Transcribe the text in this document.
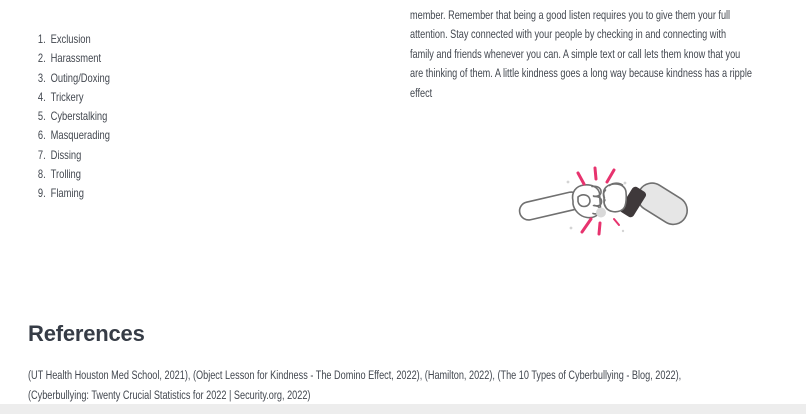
1. Exclusion
2. Harassment
3. Outing/Doxing
4. Trickery
5. Cyberstalking
6. Masquerading
7. Dissing
8. Trolling
9. Flaming
member. Remember that being a good listen requires you to give them your full
attention. Stay connected with your people by checking in and connecting with
family and friends whenever you can. A simple text or call lets them know that you
are thinking of them. A little kindness goes a long way because kindness has a ripple
effect
References
(UT Health Houston Med School, 2021), (Object Lesson for Kindness - The Domino Effect, 2022), (Hamilton, 2022), (The 10 Types of Cyberbullying - Blog, 2022),
(Cyberbullying: Twenty Crucial Statistics for 2022 | Security.org, 2022)
